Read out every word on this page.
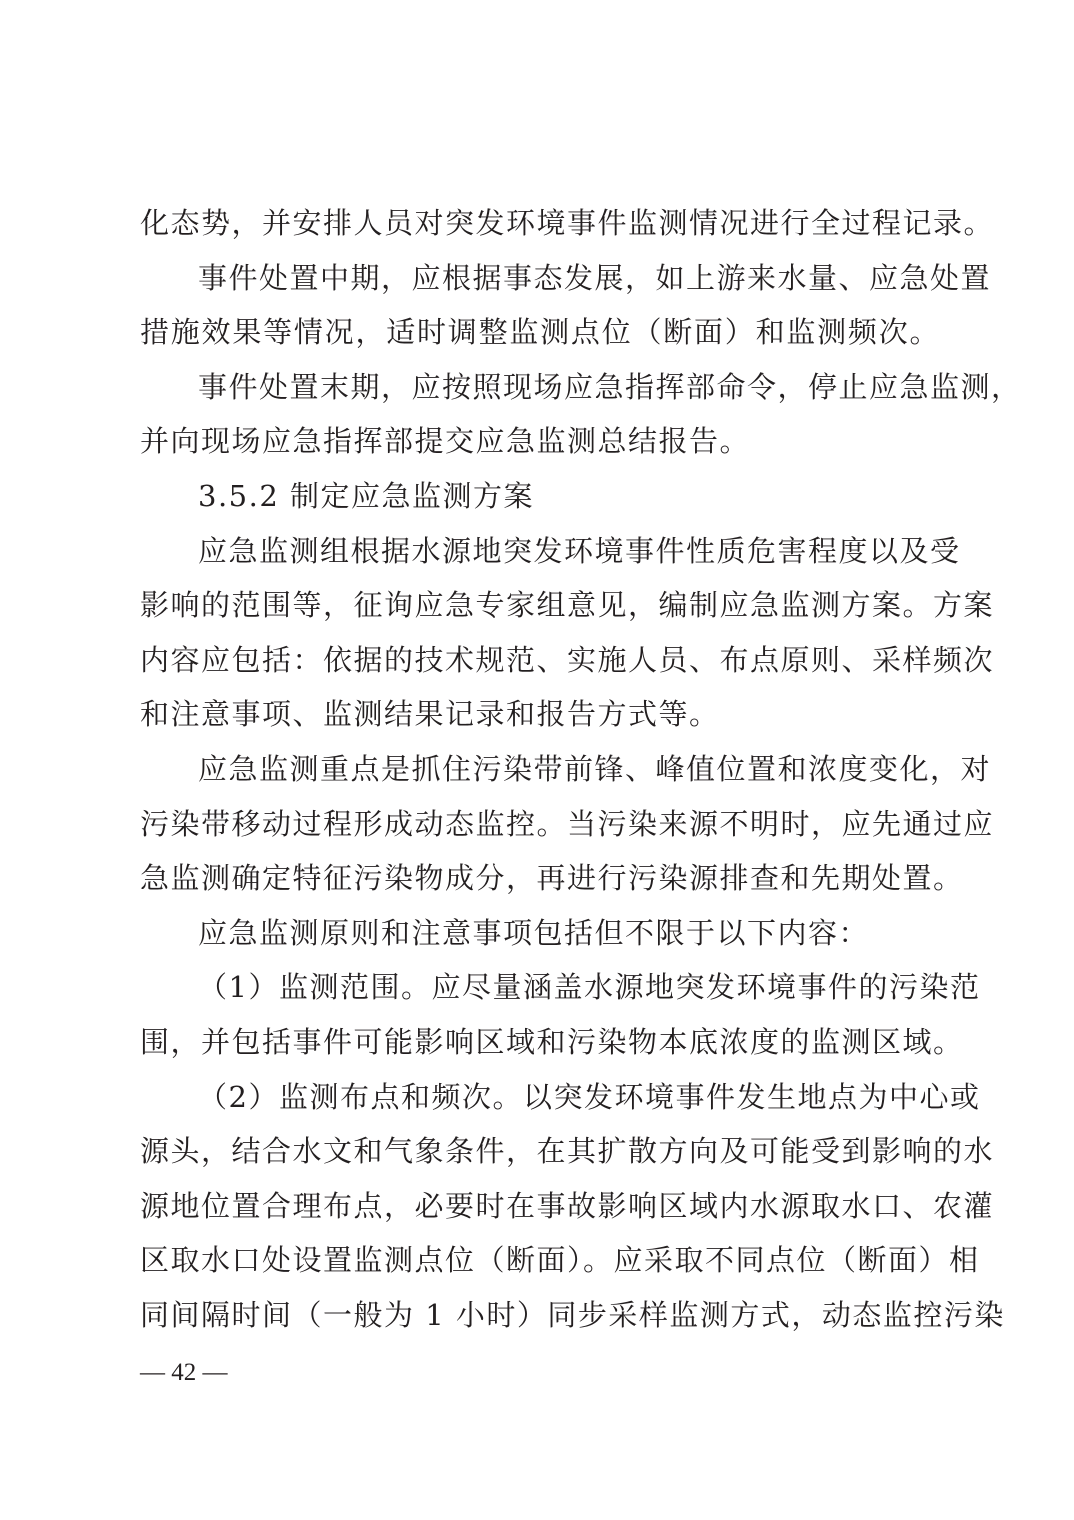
化态势，并安排人员对突发环境事件监测情况进行全过程记录。
事件处置中期，应根据事态发展，如上游来水量、应急处置
措施效果等情况，适时调整监测点位（断面）和监测频次。
事件处置末期，应按照现场应急指挥部命令，停止应急监测，
并向现场应急指挥部提交应急监测总结报告。
3.5.2 制定应急监测方案
应急监测组根据水源地突发环境事件性质危害程度以及受
影响的范围等，征询应急专家组意见，编制应急监测方案。方案
内容应包括：依据的技术规范、实施人员、布点原则、采样频次
和注意事项、监测结果记录和报告方式等。
应急监测重点是抓住污染带前锋、峰值位置和浓度变化，对
污染带移动过程形成动态监控。当污染来源不明时，应先通过应
急监测确定特征污染物成分，再进行污染源排查和先期处置。
应急监测原则和注意事项包括但不限于以下内容：
（1）监测范围。应尽量涵盖水源地突发环境事件的污染范
围，并包括事件可能影响区域和污染物本底浓度的监测区域。
（2）监测布点和频次。以突发环境事件发生地点为中心或
源头，结合水文和气象条件，在其扩散方向及可能受到影响的水
源地位置合理布点，必要时在事故影响区域内水源取水口、农灌
区取水口处设置监测点位（断面）。应采取不同点位（断面）相
同间隔时间（一般为 1 小时）同步采样监测方式，动态监控污染
— 42 —
